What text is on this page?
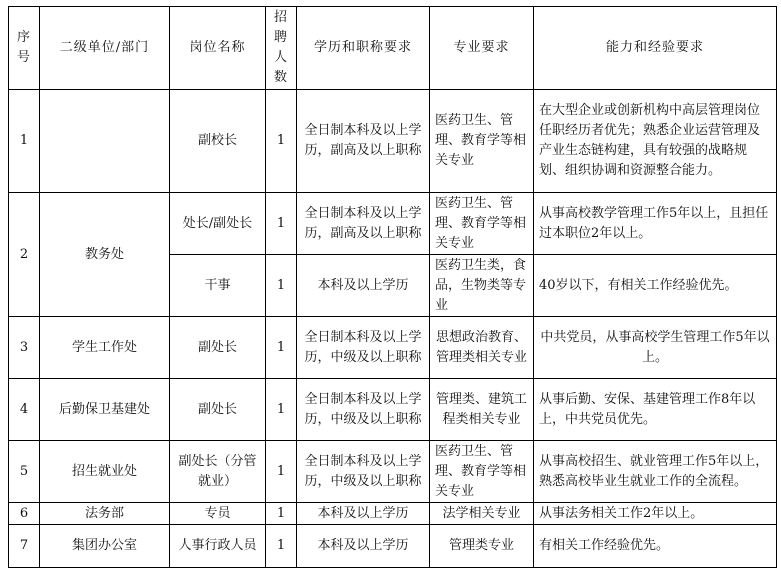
序号	二级单位/部门	岗位名称	招聘人数	学历和职称要求	专业要求	能力和经验要求
1		副校长	1	全日制本科及以上学历，副高及以上职称	医药卫生、管理、教育学等相关专业	在大型企业或创新机构中高层管理岗位任职经历者优先；熟悉企业运营管理及产业生态链构建，具有较强的战略规划、组织协调和资源整合能力。
2	教务处	处长/副处长	1	全日制本科及以上学历，副高及以上职称	医药卫生、管理、教育学等相关专业	从事高校教学管理工作5年以上，且担任过本职位2年以上。
		干事	1	本科及以上学历	医药卫生类，食品，生物类等专业	40岁以下，有相关工作经验优先。
3	学生工作处	副处长	1	全日制本科及以上学历，中级及以上职称	思想政治教育、管理类相关专业	中共党员，从事高校学生管理工作5年以上。
4	后勤保卫基建处	副处长	1	全日制本科及以上学历，中级及以上职称	管理类、建筑工程类相关专业	从事后勤、安保、基建管理工作8年以上，中共党员优先。
5	招生就业处	副处长（分管就业）	1	全日制本科及以上学历，中级及以上职称	医药卫生、管理、教育学等相关专业	从事高校招生、就业管理工作5年以上，熟悉高校毕业生就业工作的全流程。
6	法务部	专员	1	本科及以上学历	法学相关专业	从事法务相关工作2年以上。
7	集团办公室	人事行政人员	1	本科及以上学历	管理类专业	有相关工作经验优先。
